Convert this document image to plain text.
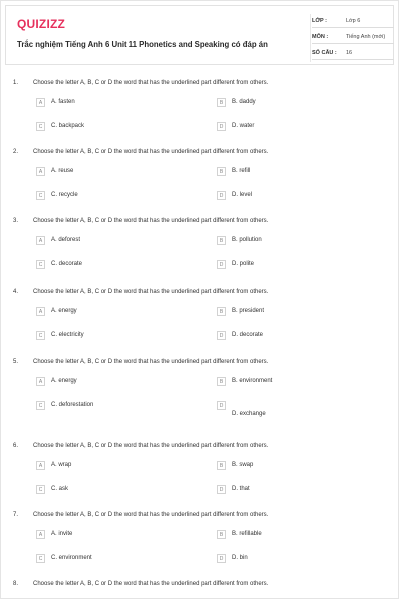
QUIZIZZ
Trắc nghiệm Tiếng Anh 6 Unit 11 Phonetics and Speaking có đáp án
LỚP :	Lớp 6
MÔN :	Tiếng Anh (mới)
SỐ CÂU : 16
1. Choose the letter A, B, C or D the word that has the underlined part different from others.
A	A. fasten	B	B. daddy
C	C. backpack	D	D. water
2. Choose the letter A, B, C or D the word that has the underlined part different from others.
A	A. reuse	B	B. refill
C	C. recycle	D	D. level
3. Choose the letter A, B, C or D the word that has the underlined part different from others.
A	A. deforest	B	B. pollution
C	C. decorate	D	D. polite
4. Choose the letter A, B, C or D the word that has the underlined part different from others.
A	A. energy	B	B. president
C	C. electricity	D	D. decorate
5. Choose the letter A, B, C or D the word that has the underlined part different from others.
A	A. energy	B	B. environment
C	C. deforestation	D
D. exchange
6. Choose the letter A, B, C or D the word that has the underlined part different from others.
A	A. wrap	B	B. swap
C	C. ask	D	D. that
7. Choose the letter A, B, C or D the word that has the underlined part different from others.
A	A. invite	B	B. refillable
C	C. environment	D	D. bin
8. Choose the letter A, B, C or D the word that has the underlined part different from others.
